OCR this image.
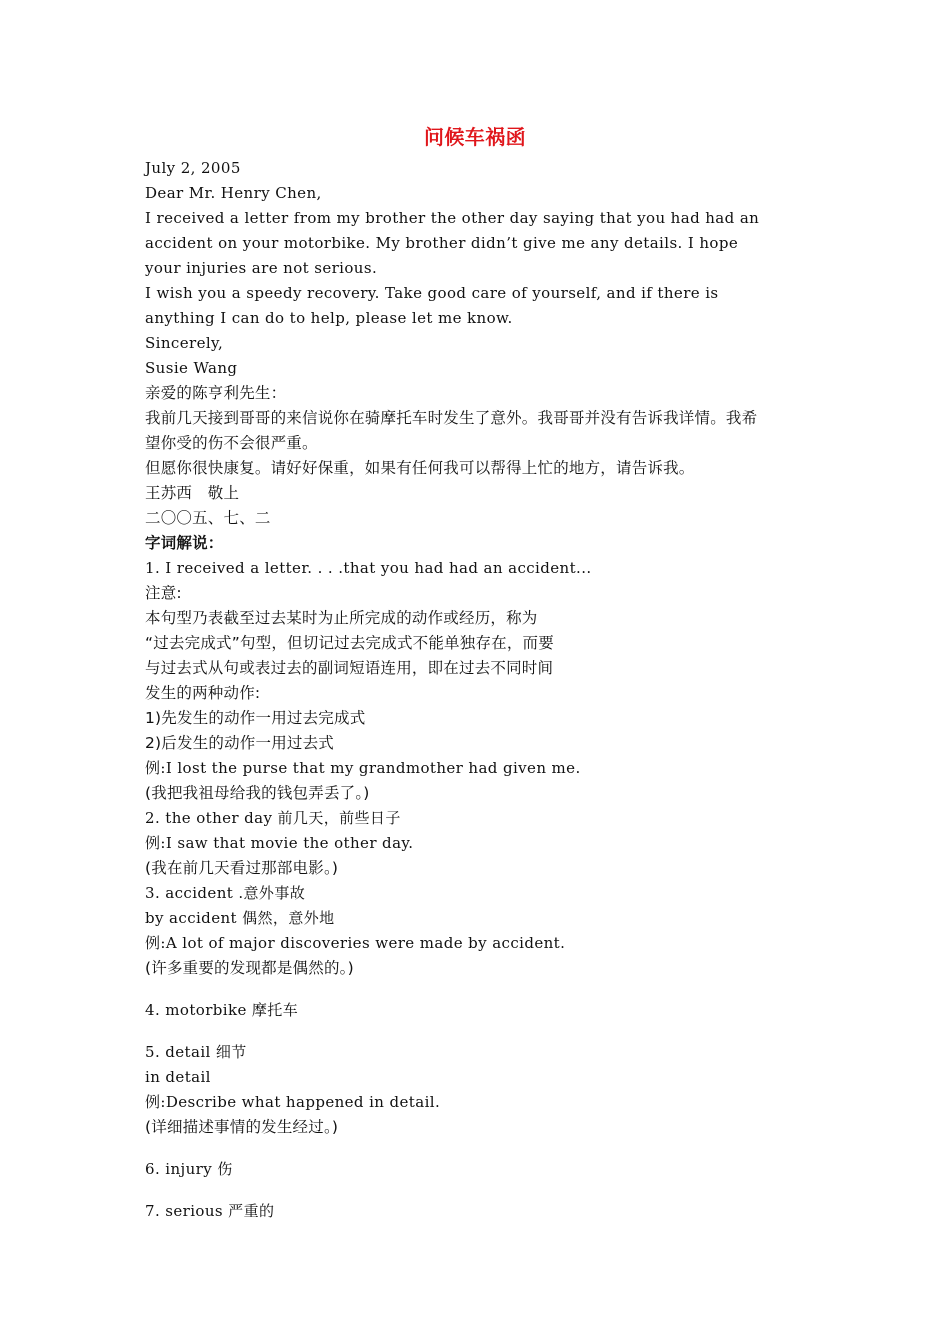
问候车祸函

July 2, 2005

Dear Mr. Henry Chen,

I received a letter from my brother the other day saying that you had had an

accident on your motorbike. My brother didn’t give me any details. I hope

your injuries are not serious.

I wish you a speedy recovery. Take good care of yourself, and if there is

anything I can do to help, please let me know.

Sincerely,

Susie Wang

亲爱的陈亨利先生：

我前几天接到哥哥的来信说你在骑摩托车时发生了意外。我哥哥并没有告诉我详情。我希

望你受的伤不会很严重。

但愿你很快康复。请好好保重，如果有任何我可以帮得上忙的地方，请告诉我。

王苏西　敬上

二〇〇五、七、二

字词解说：

1. I received a letter. . . .that you had had an accident...

注意:

本句型乃表截至过去某时为止所完成的动作或经历，称为

“过去完成式”句型，但切记过去完成式不能单独存在，而要

与过去式从句或表过去的副词短语连用，即在过去不同时间

发生的两种动作:

1)先发生的动作一用过去完成式

2)后发生的动作一用过去式

例:I lost the purse that my grandmother had given me.

(我把我祖母给我的钱包弄丢了。)

2. the other day 前几天，前些日子

例:I saw that movie the other day.

(我在前几天看过那部电影。)

3. accident .意外事故

by accident 偶然，意外地

例:A lot of major discoveries were made by accident.

(许多重要的发现都是偶然的。)

4. motorbike 摩托车

5. detail 细节

in detail

例:Describe what happened in detail.

(详细描述事情的发生经过。)

6. injury 伤

7. serious 严重的
